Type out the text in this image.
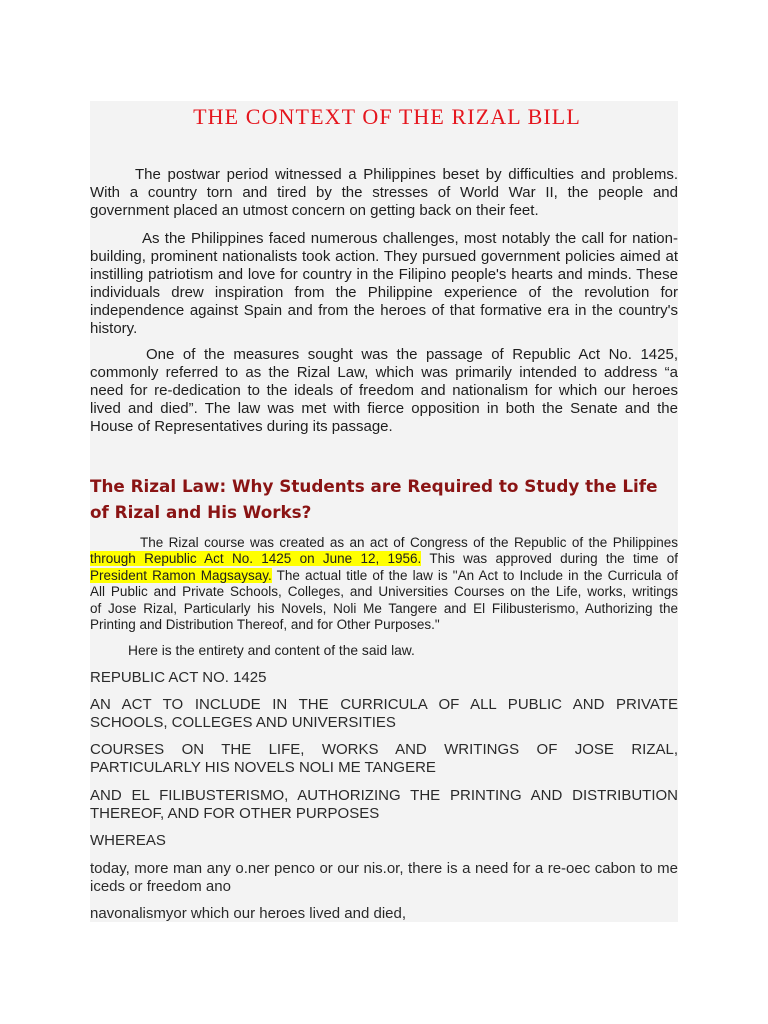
THE CONTEXT OF THE RIZAL BILL
The postwar period witnessed a Philippines beset by difficulties and problems.
With a country torn and tired by the stresses of World War II, the people and
government placed an utmost concern on getting back on their feet.
As the Philippines faced numerous challenges, most notably the call for nation-
building, prominent nationalists took action. They pursued government policies aimed at
instilling patriotism and love for country in the Filipino people's hearts and minds. These
individuals drew inspiration from the Philippine experience of the revolution for
independence against Spain and from the heroes of that formative era in the country's
history.
One of the measures sought was the passage of Republic Act No. 1425,
commonly referred to as the Rizal Law, which was primarily intended to address “a
need for re-dedication to the ideals of freedom and nationalism for which our heroes
lived and died”. The law was met with fierce opposition in both the Senate and the
House of Representatives during its passage.
The Rizal Law: Why Students are Required to Study the Life
of Rizal and His Works?
The Rizal course was created as an act of Congress of the Republic of the Philippines
through Republic Act No. 1425 on June 12, 1956. This was approved during the time of
President Ramon Magsaysay. The actual title of the law is "An Act to Include in the Curricula of
All Public and Private Schools, Colleges, and Universities Courses on the Life, works, writings
of Jose Rizal, Particularly his Novels, Noli Me Tangere and El Filibusterismo, Authorizing the
Printing and Distribution Thereof, and for Other Purposes."
Here is the entirety and content of the said law.
REPUBLIC ACT NO. 1425
AN ACT TO INCLUDE IN THE CURRICULA OF ALL PUBLIC AND PRIVATE
SCHOOLS, COLLEGES AND UNIVERSITIES
COURSES ON THE LIFE, WORKS AND WRITINGS OF JOSE RIZAL,
PARTICULARLY HIS NOVELS NOLI ME TANGERE
AND EL FILIBUSTERISMO, AUTHORIZING THE PRINTING AND DISTRIBUTION
THEREOF, AND FOR OTHER PURPOSES
WHEREAS
today, more man any o.ner penco or our nis.or, there is a need for a re-oec cabon to me
iceds or freedom ano
navonalismyor which our heroes lived and died,
